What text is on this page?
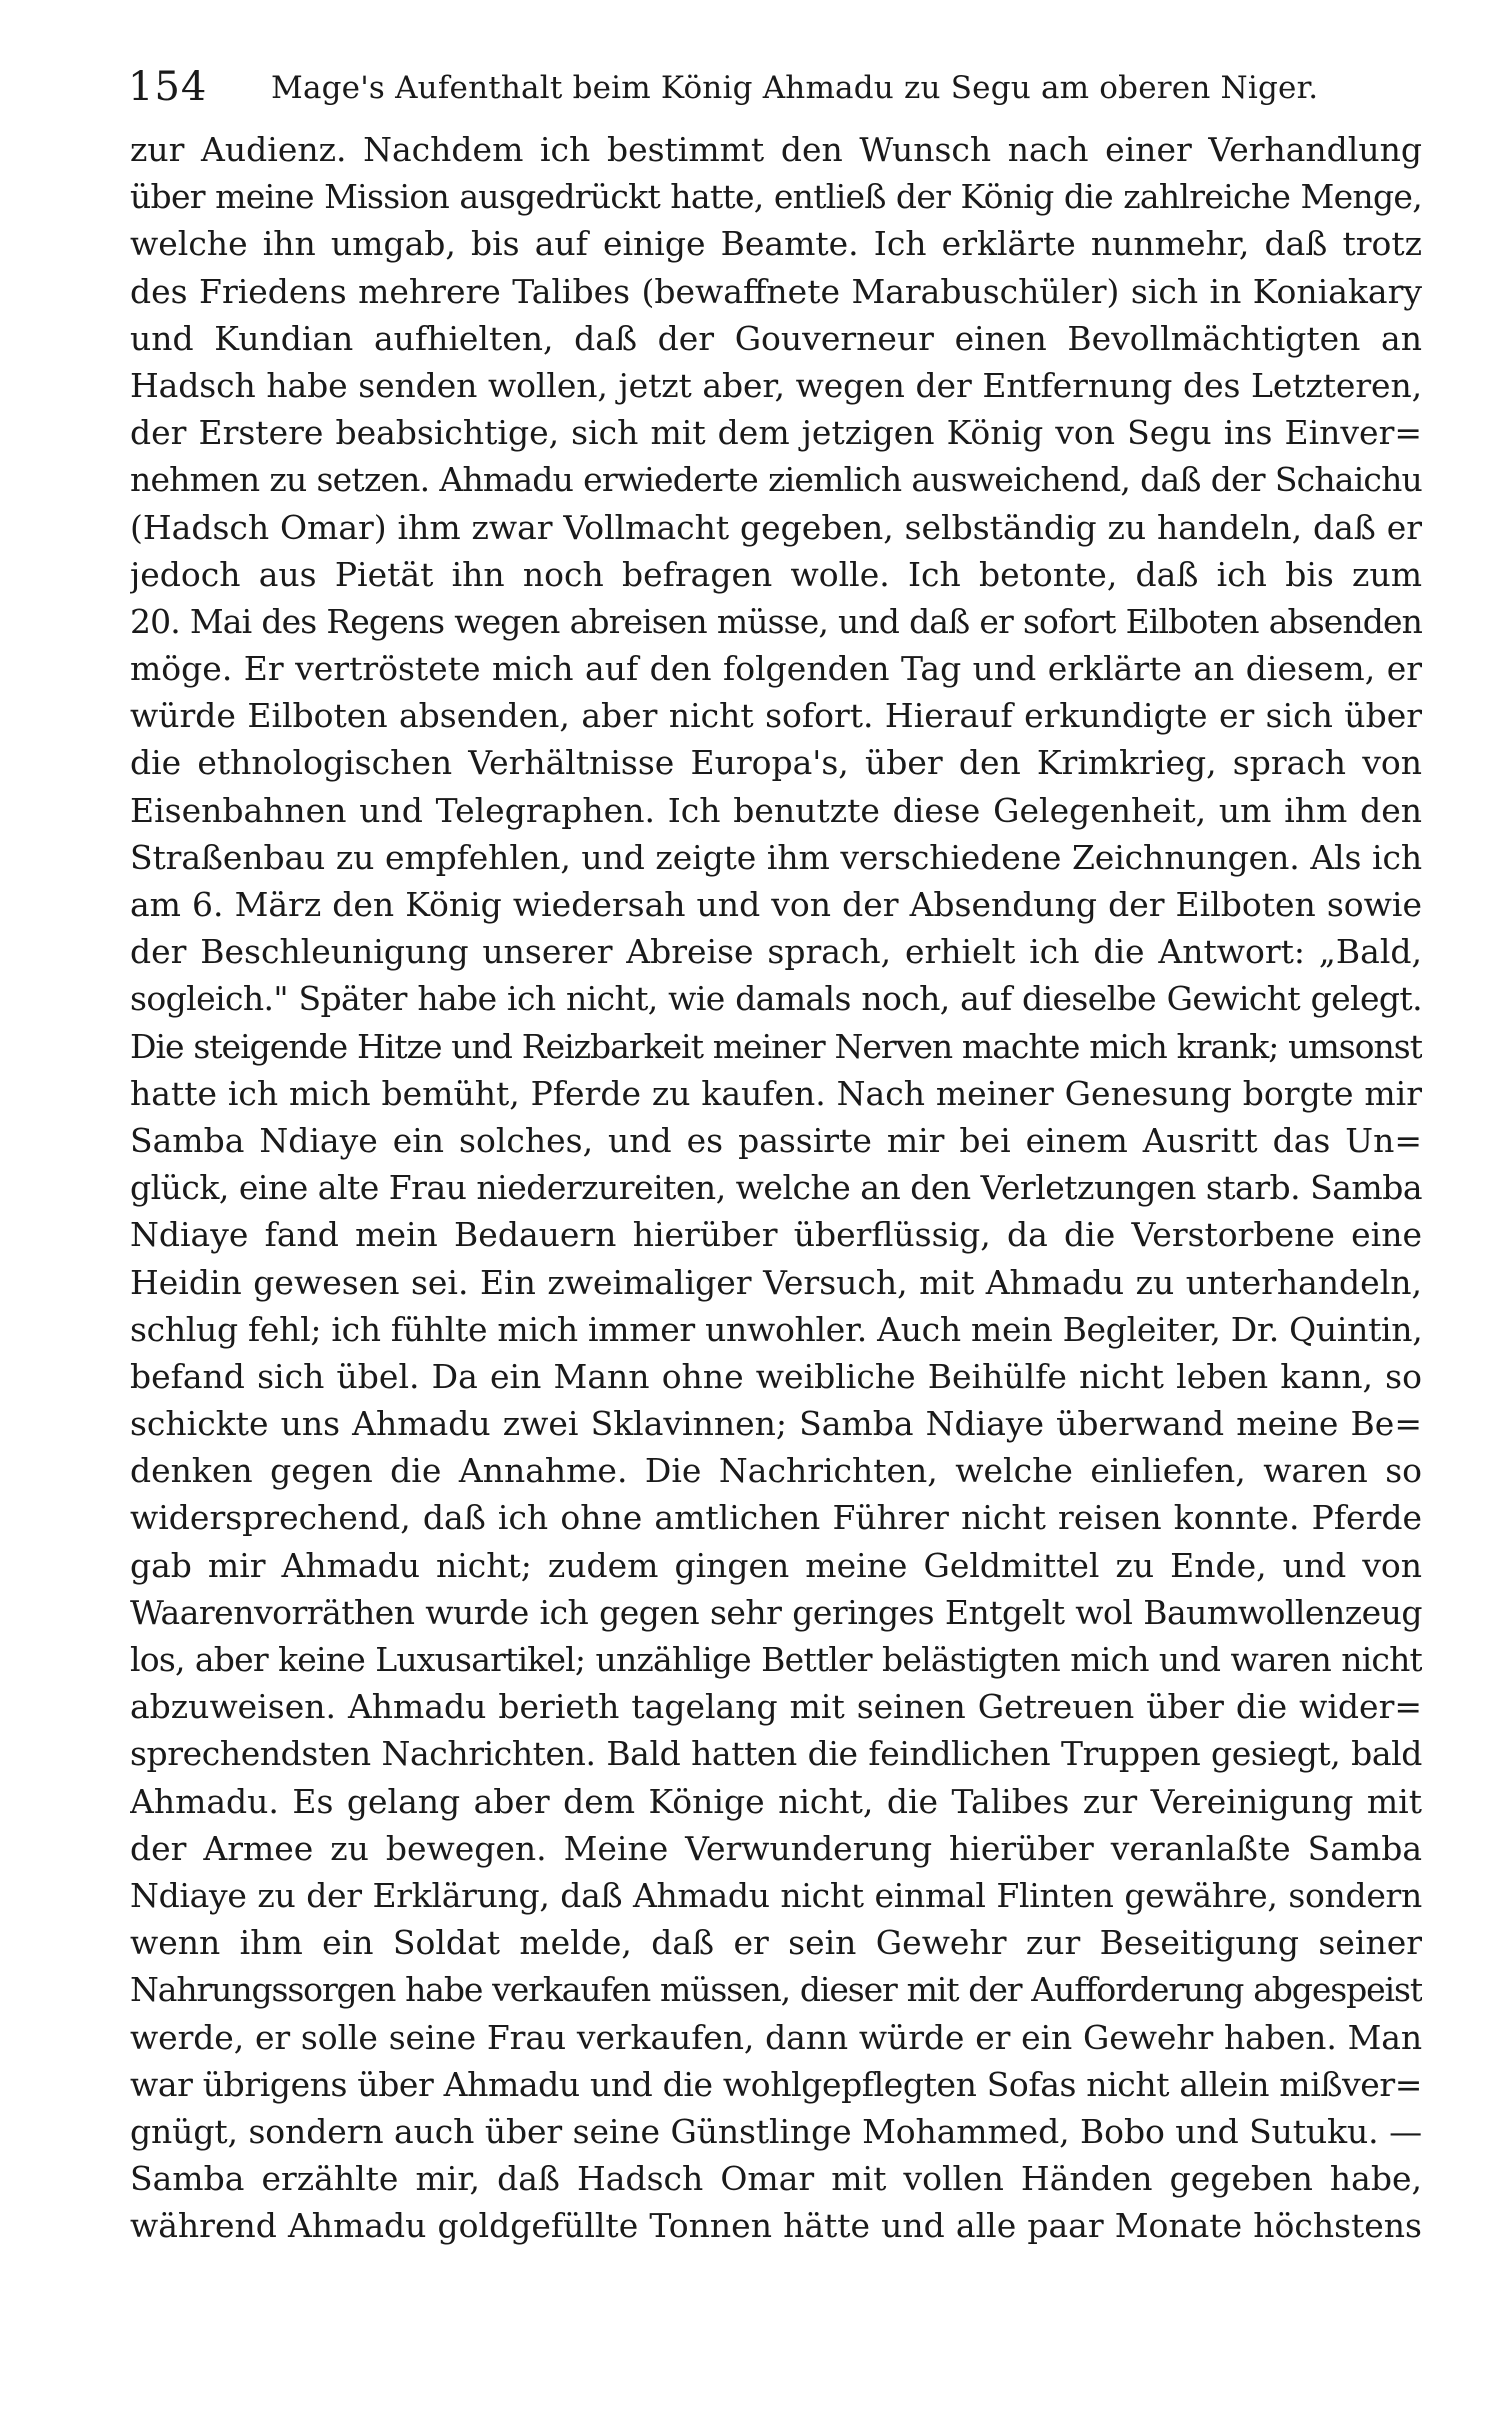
154 Mage's Aufenthalt beim König Ahmadu zu Segu am oberen Niger.
zur Audienz. Nachdem ich bestimmt den Wunsch nach einer Verhandlung
über meine Mission ausgedrückt hatte, entließ der König die zahlreiche Menge,
welche ihn umgab, bis auf einige Beamte. Ich erklärte nunmehr, daß trotz
des Friedens mehrere Talibes (bewaffnete Marabuschüler) sich in Koniakary
und Kundian aufhielten, daß der Gouverneur einen Bevollmächtigten an
Hadsch habe senden wollen, jetzt aber, wegen der Entfernung des Letzteren,
der Erstere beabsichtige, sich mit dem jetzigen König von Segu ins Einver=
nehmen zu setzen. Ahmadu erwiederte ziemlich ausweichend, daß der Schaichu
(Hadsch Omar) ihm zwar Vollmacht gegeben, selbständig zu handeln, daß er
jedoch aus Pietät ihn noch befragen wolle. Ich betonte, daß ich bis zum
20. Mai des Regens wegen abreisen müsse, und daß er sofort Eilboten absenden
möge. Er vertröstete mich auf den folgenden Tag und erklärte an diesem, er
würde Eilboten absenden, aber nicht sofort. Hierauf erkundigte er sich über
die ethnologischen Verhältnisse Europa's, über den Krimkrieg, sprach von
Eisenbahnen und Telegraphen. Ich benutzte diese Gelegenheit, um ihm den
Straßenbau zu empfehlen, und zeigte ihm verschiedene Zeichnungen. Als ich
am 6. März den König wiedersah und von der Absendung der Eilboten sowie
der Beschleunigung unserer Abreise sprach, erhielt ich die Antwort: „Bald,
sogleich." Später habe ich nicht, wie damals noch, auf dieselbe Gewicht gelegt.
Die steigende Hitze und Reizbarkeit meiner Nerven machte mich krank; umsonst
hatte ich mich bemüht, Pferde zu kaufen. Nach meiner Genesung borgte mir
Samba Ndiaye ein solches, und es passirte mir bei einem Ausritt das Un=
glück, eine alte Frau niederzureiten, welche an den Verletzungen starb. Samba
Ndiaye fand mein Bedauern hierüber überflüssig, da die Verstorbene eine
Heidin gewesen sei. Ein zweimaliger Versuch, mit Ahmadu zu unterhandeln,
schlug fehl; ich fühlte mich immer unwohler. Auch mein Begleiter, Dr. Quintin,
befand sich übel. Da ein Mann ohne weibliche Beihülfe nicht leben kann, so
schickte uns Ahmadu zwei Sklavinnen; Samba Ndiaye überwand meine Be=
denken gegen die Annahme. Die Nachrichten, welche einliefen, waren so
widersprechend, daß ich ohne amtlichen Führer nicht reisen konnte. Pferde
gab mir Ahmadu nicht; zudem gingen meine Geldmittel zu Ende, und von
Waarenvorräthen wurde ich gegen sehr geringes Entgelt wol Baumwollenzeug
los, aber keine Luxusartikel; unzählige Bettler belästigten mich und waren nicht
abzuweisen. Ahmadu berieth tagelang mit seinen Getreuen über die wider=
sprechendsten Nachrichten. Bald hatten die feindlichen Truppen gesiegt, bald
Ahmadu. Es gelang aber dem Könige nicht, die Talibes zur Vereinigung mit
der Armee zu bewegen. Meine Verwunderung hierüber veranlaßte Samba
Ndiaye zu der Erklärung, daß Ahmadu nicht einmal Flinten gewähre, sondern
wenn ihm ein Soldat melde, daß er sein Gewehr zur Beseitigung seiner
Nahrungssorgen habe verkaufen müssen, dieser mit der Aufforderung abgespeist
werde, er solle seine Frau verkaufen, dann würde er ein Gewehr haben. Man
war übrigens über Ahmadu und die wohlgepflegten Sofas nicht allein mißver=
gnügt, sondern auch über seine Günstlinge Mohammed, Bobo und Sutuku. —
Samba erzählte mir, daß Hadsch Omar mit vollen Händen gegeben habe,
während Ahmadu goldgefüllte Tonnen hätte und alle paar Monate höchstens
